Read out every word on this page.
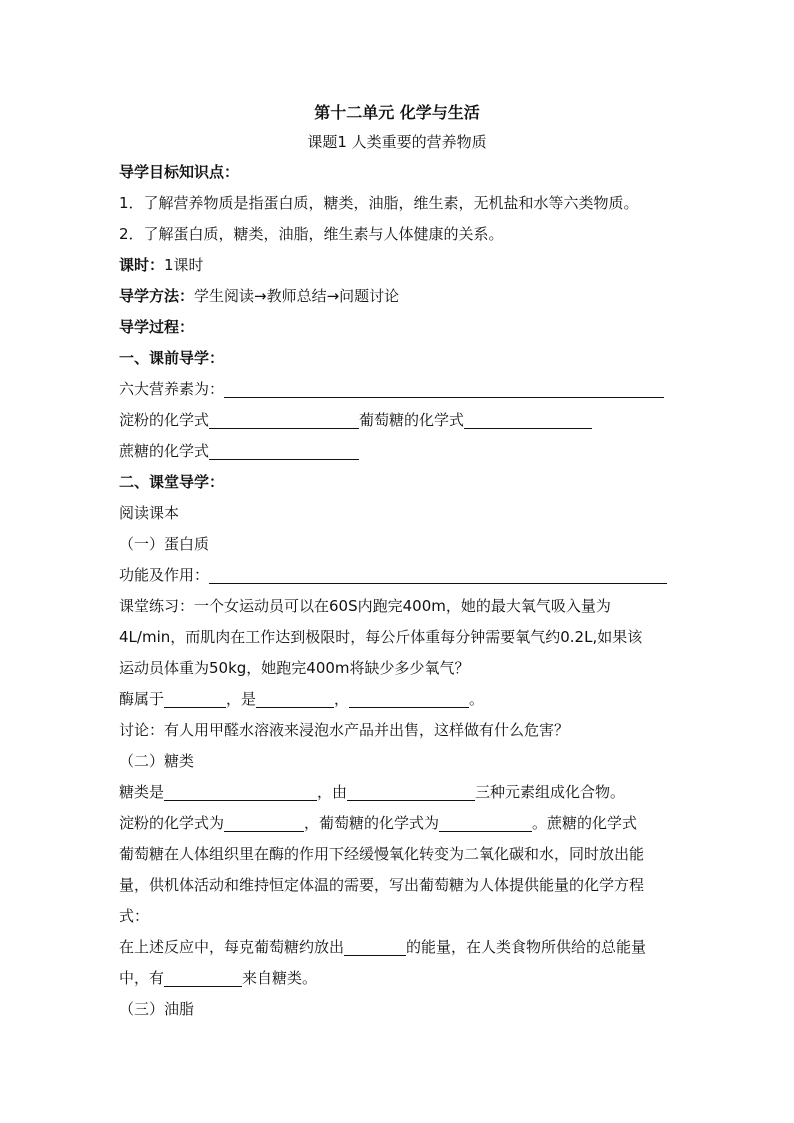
第十二单元 化学与生活
课题1 人类重要的营养物质
导学目标知识点：
1．了解营养物质是指蛋白质，糖类，油脂，维生素，无机盐和水等六类物质。
2．了解蛋白质，糖类，油脂，维生素与人体健康的关系。
课时：1课时
导学方法：学生阅读→教师总结→问题讨论
导学过程：
一、课前导学：
六大营养素为：
淀粉的化学式	葡萄糖的化学式
蔗糖的化学式
二、课堂导学：
阅读课本
（一）蛋白质
功能及作用：
课堂练习：一个女运动员可以在60S内跑完400m，她的最大氧气吸入量为
4L/min，而肌肉在工作达到极限时，每公斤体重每分钟需要氧气约0.2L,如果该
运动员体重为50kg，她跑完400m将缺少多少氧气？
酶属于	，是	，	。
讨论：有人用甲醛水溶液来浸泡水产品并出售，这样做有什么危害？
（二）糖类
糖类是	，由	三种元素组成化合物。
淀粉的化学式为	，葡萄糖的化学式为	。蔗糖的化学式
葡萄糖在人体组织里在酶的作用下经缓慢氧化转变为二氧化碳和水，同时放出能
量，供机体活动和维持恒定体温的需要，写出葡萄糖为人体提供能量的化学方程
式：
在上述反应中，每克葡萄糖约放出	的能量，在人类食物所供给的总能量
中，有	来自糖类。
（三）油脂
